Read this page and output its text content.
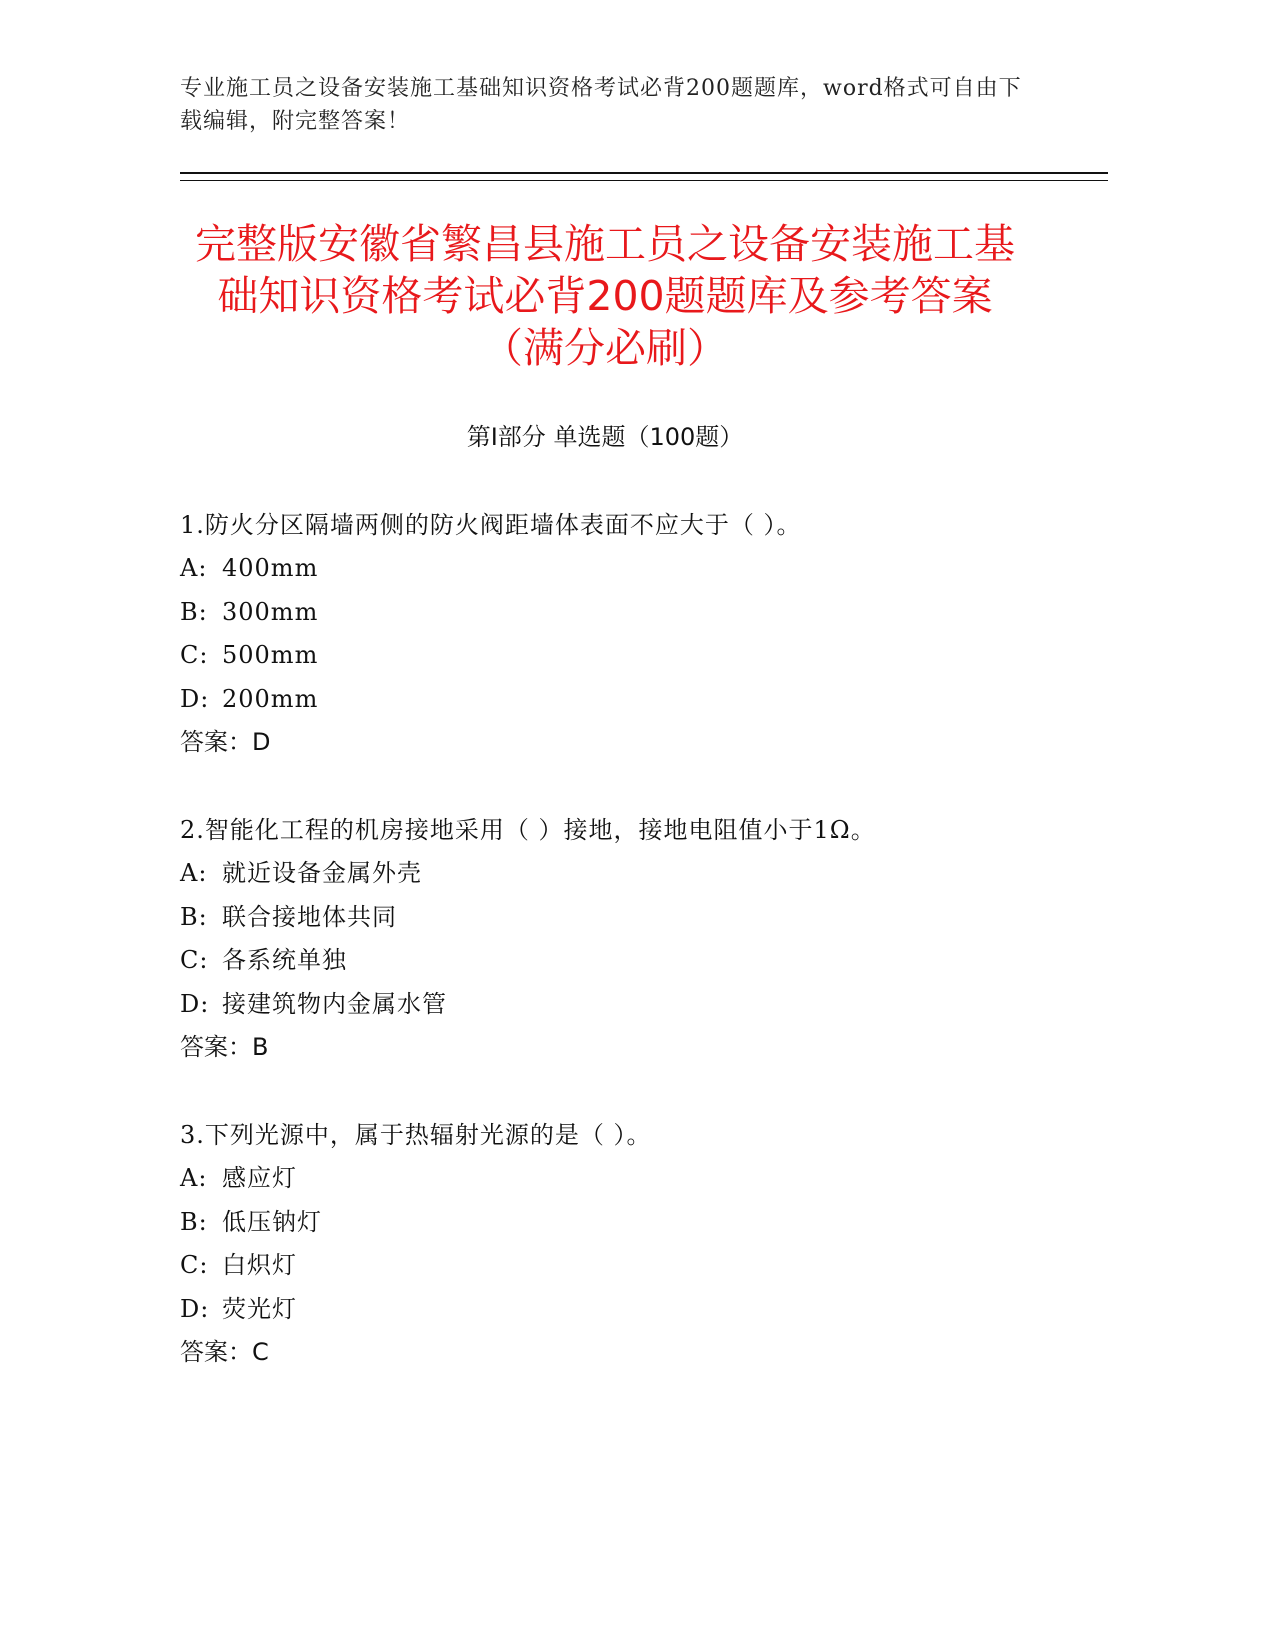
专业施工员之设备安装施工基础知识资格考试必背200题题库，word格式可自由下载编辑，附完整答案！
完整版安徽省繁昌县施工员之设备安装施工基础知识资格考试必背200题题库及参考答案（满分必刷）
第Ⅰ部分 单选题（100题）
1.防火分区隔墙两侧的防火阀距墙体表面不应大于（ ）。
A: 400mm
B: 300mm
C: 500mm
D: 200mm
答案：D
2.智能化工程的机房接地采用（ ）接地，接地电阻值小于1Ω。
A: 就近设备金属外壳
B: 联合接地体共同
C: 各系统单独
D: 接建筑物内金属水管
答案：B
3.下列光源中，属于热辐射光源的是（ ）。
A: 感应灯
B: 低压钠灯
C: 白炽灯
D: 荧光灯
答案：C
